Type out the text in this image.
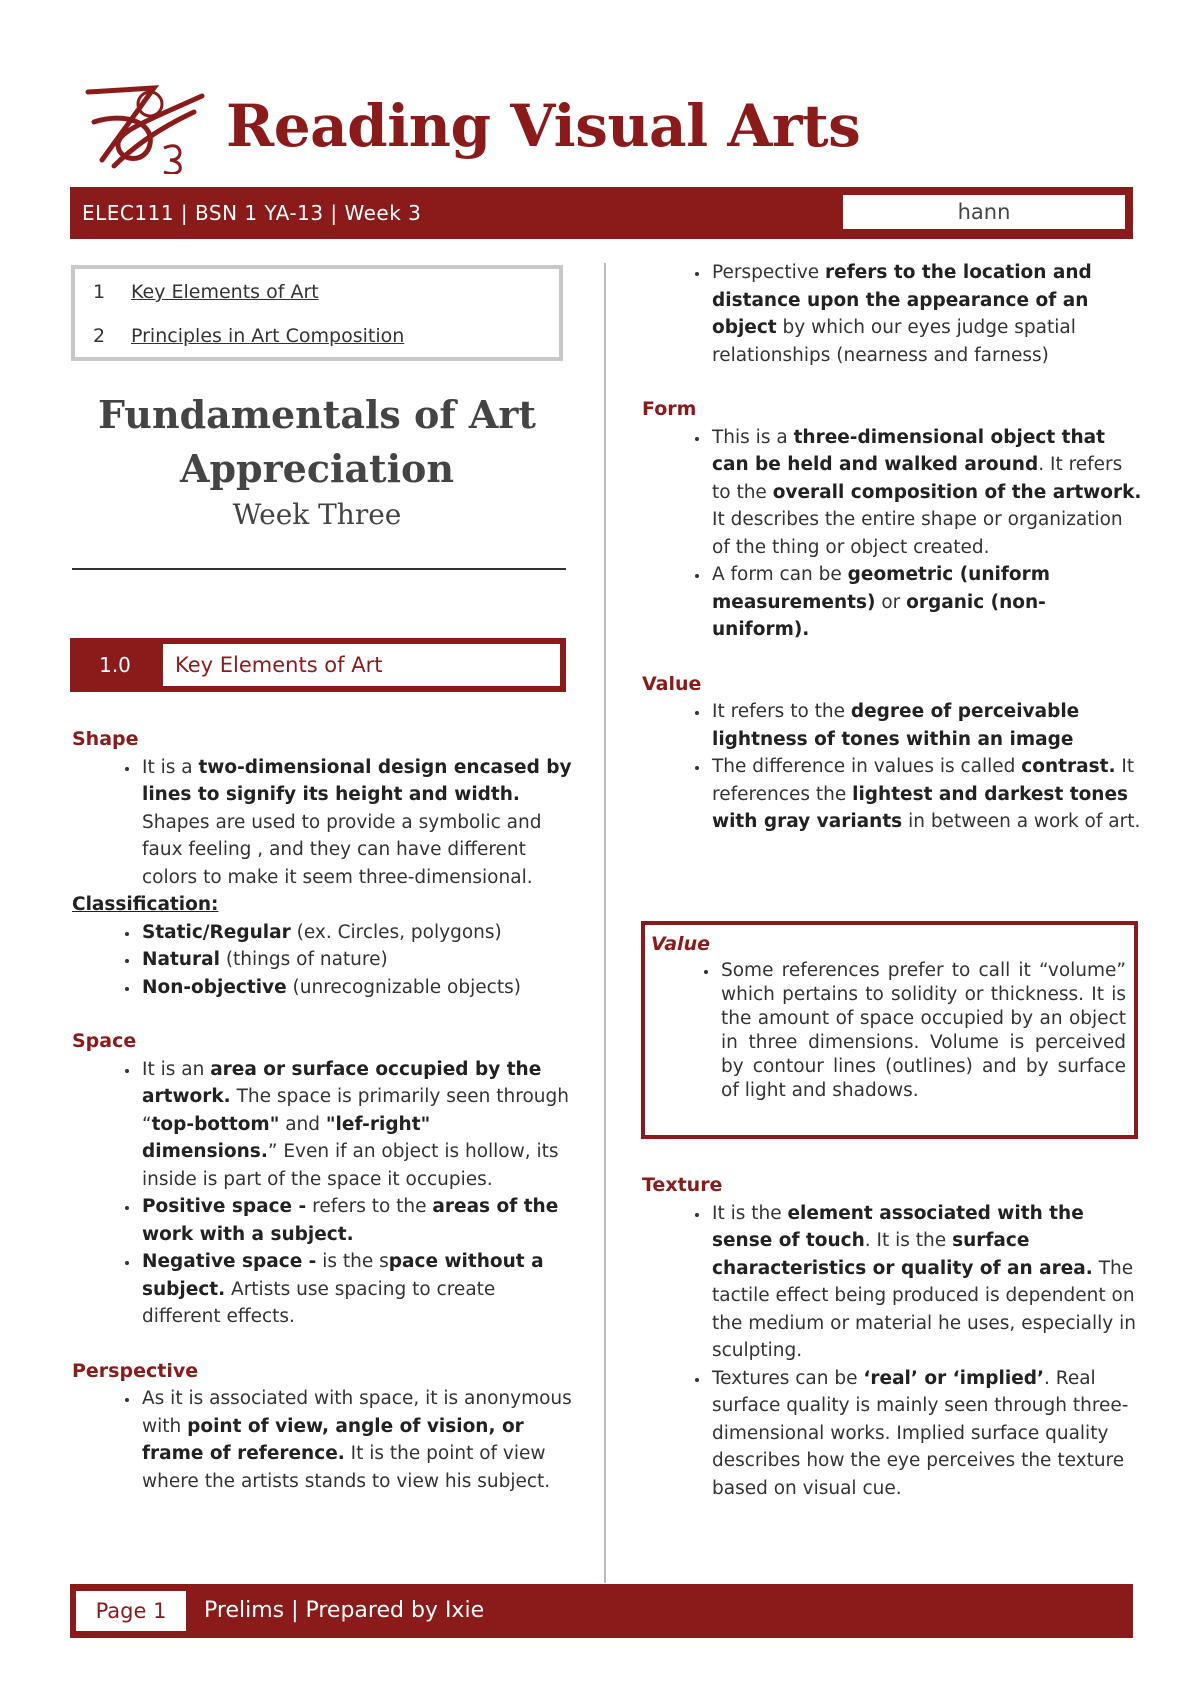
Reading Visual Arts
ELEC111 | BSN 1 YA-13 | Week 3	hann
1 Key Elements of Art
2 Principles in Art Composition
Fundamentals of Art
Appreciation
Week Three
1.0	Key Elements of Art
Shape
• It is a two-dimensional design encased by lines to signify its height and width. Shapes are used to provide a symbolic and faux feeling , and they can have different colors to make it seem three-dimensional.
Classification:
• Static/Regular (ex. Circles, polygons)
• Natural (things of nature)
• Non-objective (unrecognizable objects)
Space
• It is an area or surface occupied by the artwork. The space is primarily seen through “top-bottom" and "lef-right" dimensions.” Even if an object is hollow, its inside is part of the space it occupies.
• Positive space - refers to the areas of the work with a subject.
• Negative space - is the space without a subject. Artists use spacing to create different effects.
Perspective
• As it is associated with space, it is anonymous with point of view, angle of vision, or frame of reference. It is the point of view where the artists stands to view his subject.
• Perspective refers to the location and distance upon the appearance of an object by which our eyes judge spatial relationships (nearness and farness)
Form
• This is a three-dimensional object that can be held and walked around. It refers to the overall composition of the artwork. It describes the entire shape or organization of the thing or object created.
• A form can be geometric (uniform measurements) or organic (non-uniform).
Value
• It refers to the degree of perceivable lightness of tones within an image
• The difference in values is called contrast. It references the lightest and darkest tones with gray variants in between a work of art.
Value
• Some references prefer to call it “volume” which pertains to solidity or thickness. It is the amount of space occupied by an object in three dimensions. Volume is perceived by contour lines (outlines) and by surface of light and shadows.
Texture
• It is the element associated with the sense of touch. It is the surface characteristics or quality of an area. The tactile effect being produced is dependent on the medium or material he uses, especially in sculpting.
• Textures can be ‘real’ or ‘implied’. Real surface quality is mainly seen through three-dimensional works. Implied surface quality describes how the eye perceives the texture based on visual cue.
Page 1	Prelims | Prepared by Ixie
